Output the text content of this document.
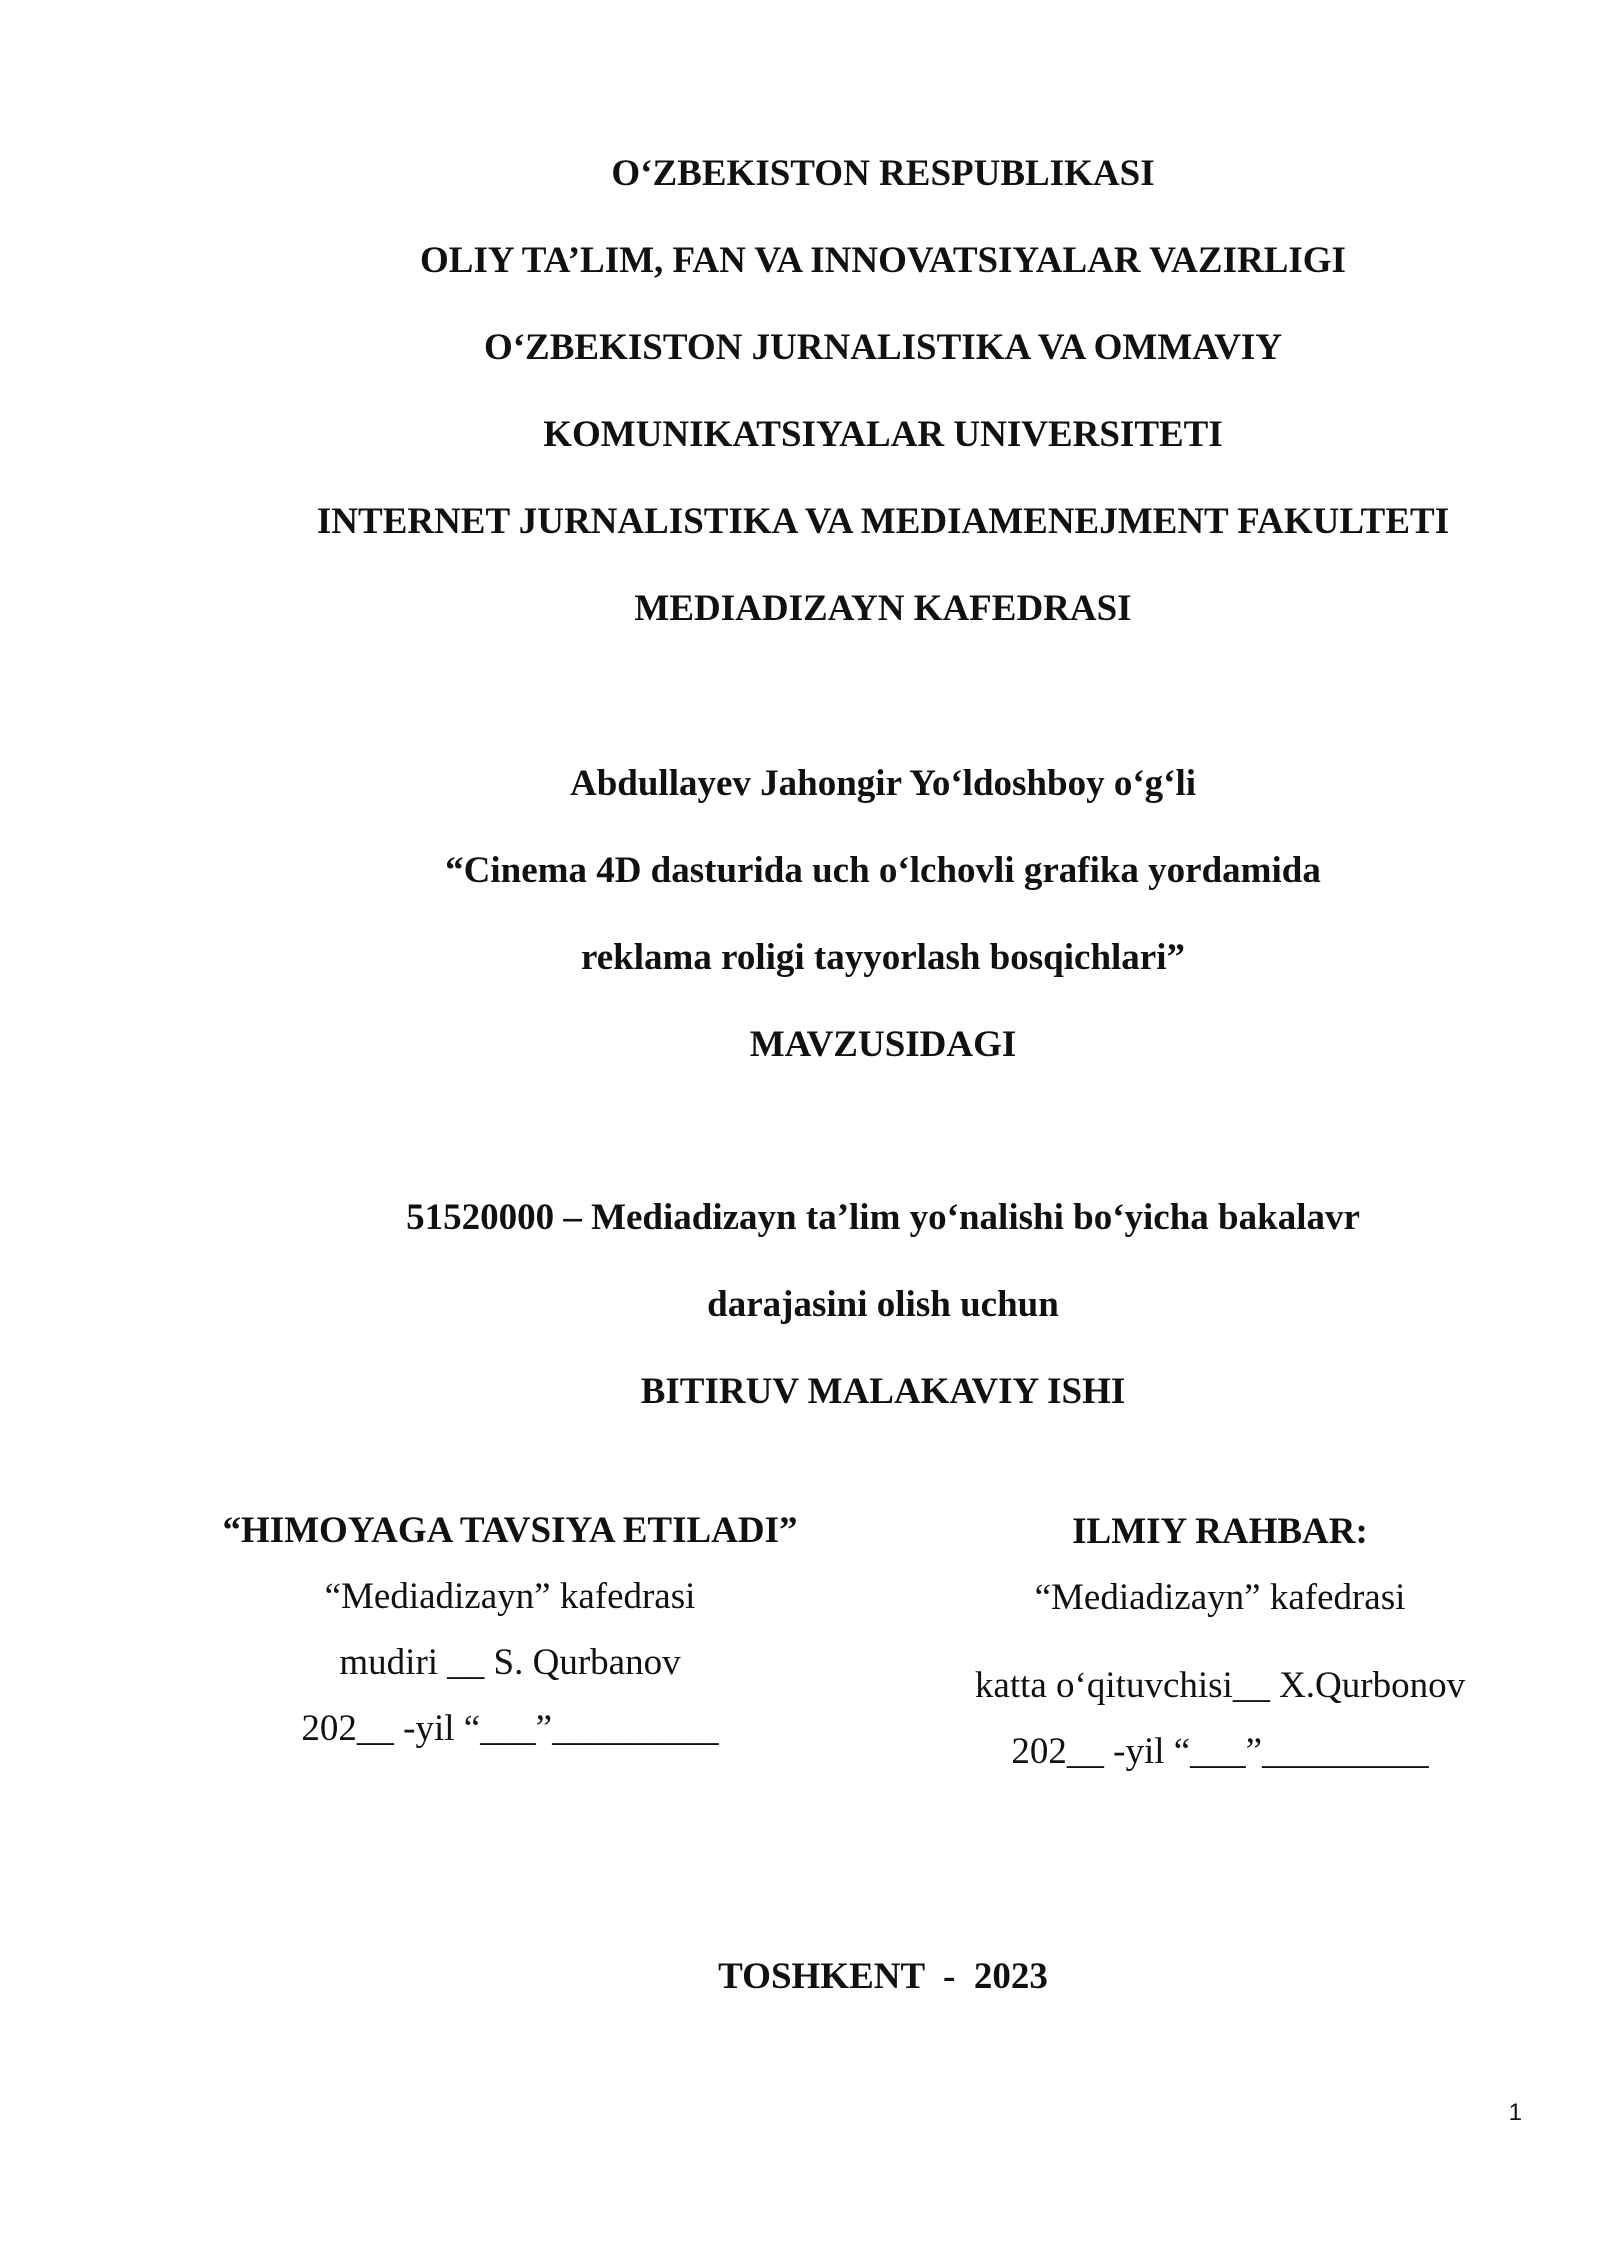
O‘ZBEKISTON RESPUBLIKASI
OLIY TA’LIM, FAN VA INNOVATSIYALAR VAZIRLIGI
O‘ZBEKISTON JURNALISTIKA VA OMMAVIY
KOMUNIKATSIYALAR UNIVERSITETI
INTERNET JURNALISTIKA VA MEDIAMENEJMENT FAKULTETI
MEDIADIZAYN KAFEDRASI
Abdullayev Jahongir Yo‘ldoshboy o‘g‘li
“Cinema 4D dasturida uch o‘lchovli grafika yordamida
reklama roligi tayyorlash bosqichlari”
MAVZUSIDAGI
51520000 – Mediadizayn ta’lim yo‘nalishi bo‘yicha bakalavr
darajasini olish uchun
BITIRUV MALAKAVIY ISHI
“HIMOYAGA TAVSIYA ETILADI”
“Mediadizayn” kafedrasi
mudiri __ S. Qurbanov
202__ -yil “___”_________
ILMIY RAHBAR:
“Mediadizayn” kafedrasi
katta o‘qituvchisi__ X.Qurbonov
202__ -yil “___”_________
TOSHKENT  -  2023
1
